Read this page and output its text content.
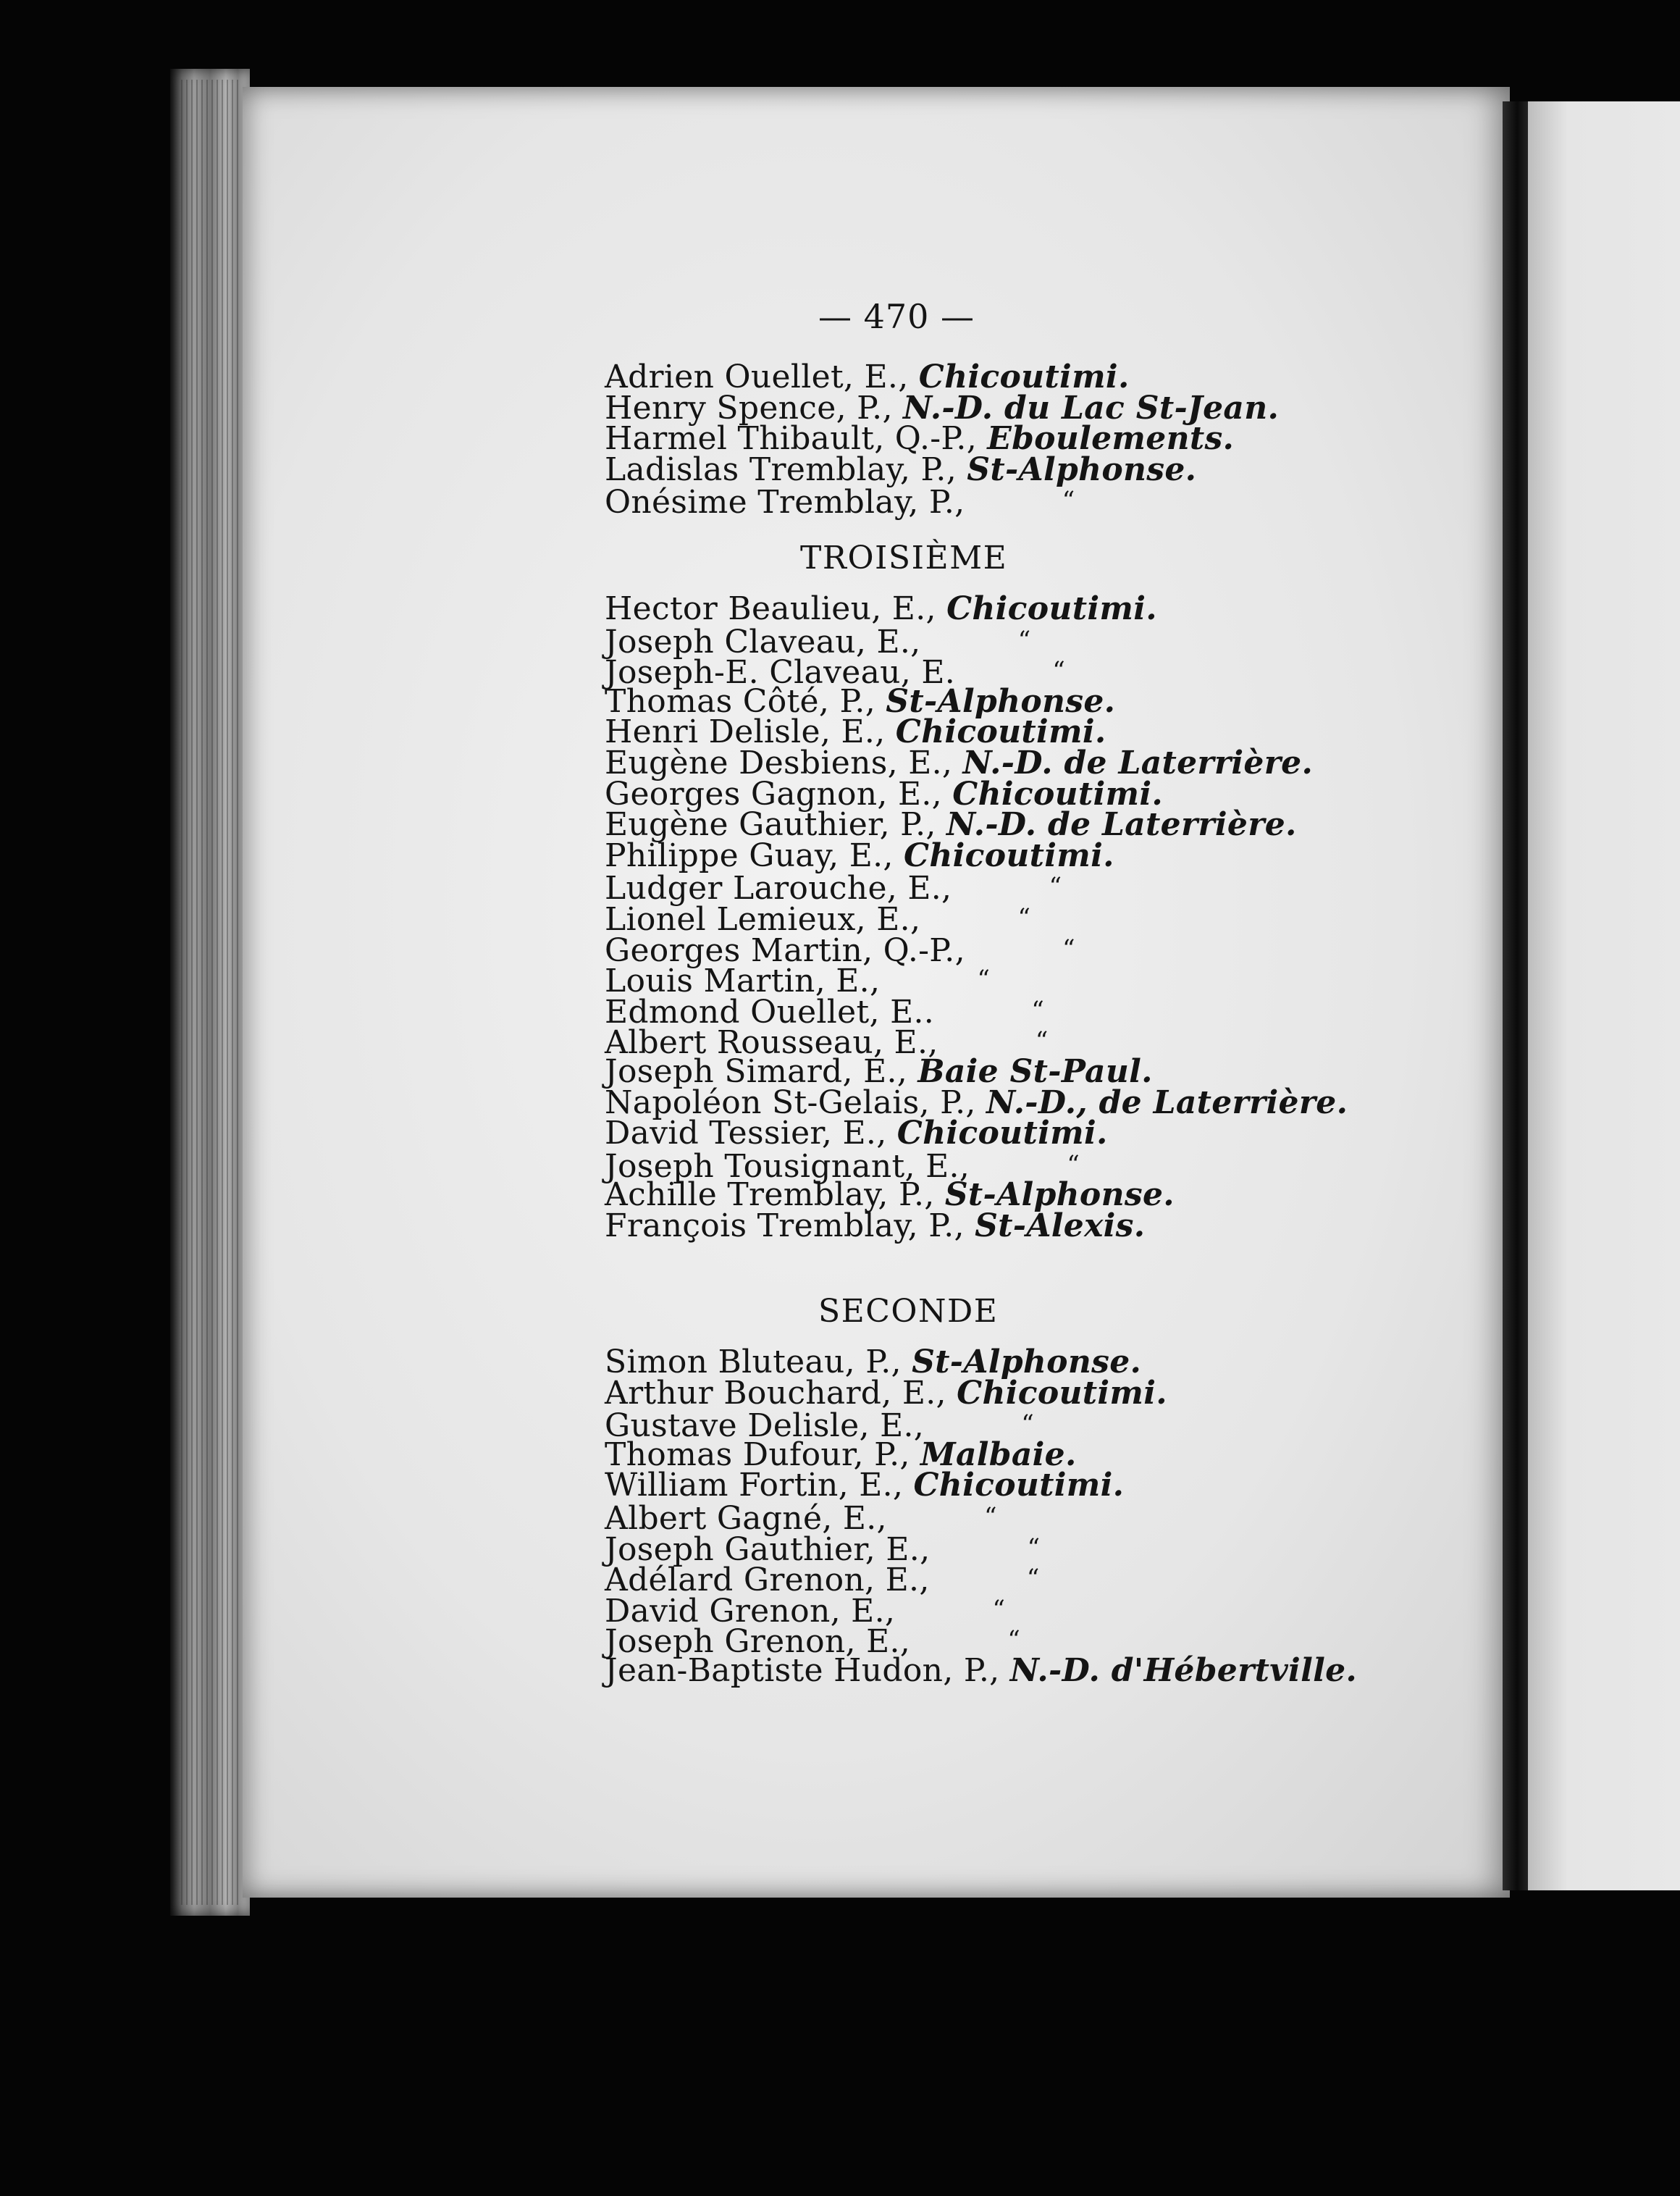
— 470 —
Adrien Ouellet, E., Chicoutimi.
Henry Spence, P., N.-D. du Lac St-Jean.
Harmel Thibault, Q.-P., Eboulements.
Ladislas Tremblay, P., St-Alphonse.
Onésime Tremblay, P.,	“
TROISIÈME
Hector Beaulieu, E., Chicoutimi.
Joseph Claveau, E.,	“
Joseph-E. Claveau, E.	“
Thomas Côté, P., St-Alphonse.
Henri Delisle, E., Chicoutimi.
Eugène Desbiens, E., N.-D. de Laterrière.
Georges Gagnon, E., Chicoutimi.
Eugène Gauthier, P., N.-D. de Laterrière.
Philippe Guay, E., Chicoutimi.
Ludger Larouche, E.,	“
Lionel Lemieux, E.,	“
Georges Martin, Q.-P.,	“
Louis Martin, E.,	“
Edmond Ouellet, E..	“
Albert Rousseau, E.,	“
Joseph Simard, E., Baie St-Paul.
Napoléon St-Gelais, P., N.-D., de Laterrière.
David Tessier, E., Chicoutimi.
Joseph Tousignant, E.,	“
Achille Tremblay, P., St-Alphonse.
François Tremblay, P., St-Alexis.
SECONDE
Simon Bluteau, P., St-Alphonse.
Arthur Bouchard, E., Chicoutimi.
Gustave Delisle, E.,	“
Thomas Dufour, P., Malbaie.
William Fortin, E., Chicoutimi.
Albert Gagné, E.,	“
Joseph Gauthier, E.,	“
Adélard Grenon, E.,	“
David Grenon, E.,	“
Joseph Grenon, E.,	“
Jean-Baptiste Hudon, P., N.-D. d'Hébertville.
